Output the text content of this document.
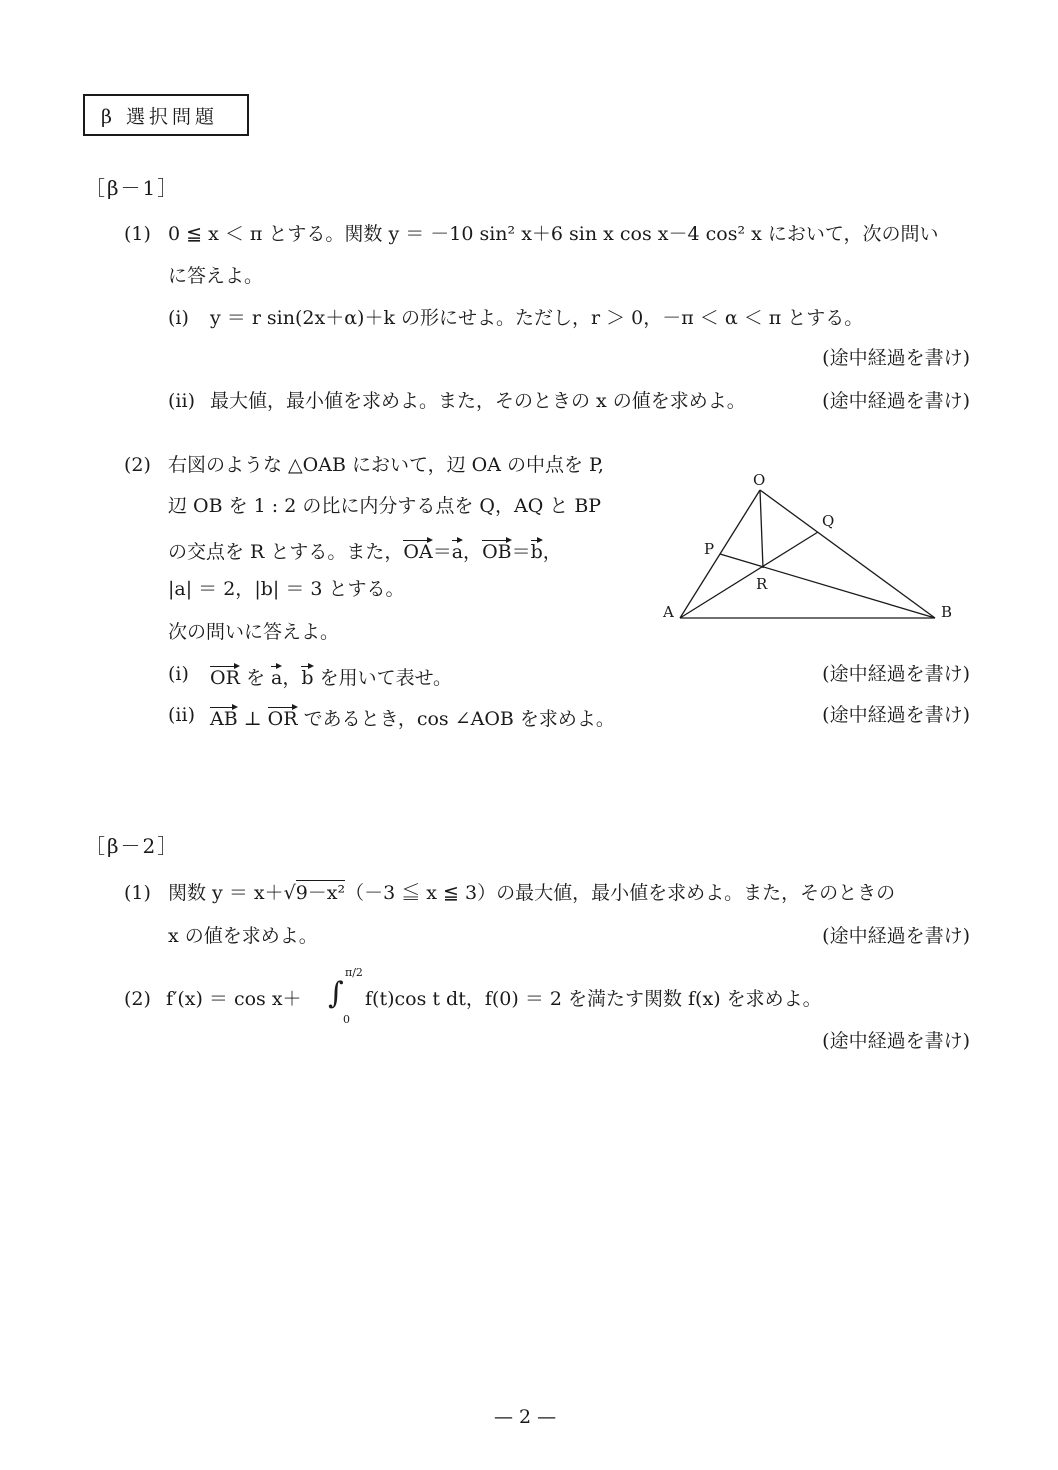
β 選択問題
［β－1］
(1) 0 ≦ x ＜ π とする。関数 y ＝ －10 sin² x＋6 sin x cos x－4 cos² x において，次の問い
に答えよ。
(i) y ＝ r sin(2x＋α)＋k の形にせよ。ただし，r ＞ 0，－π ＜ α ＜ π とする。
(途中経過を書け)
(ii) 最大値，最小値を求めよ。また，そのときの x の値を求めよ。	(途中経過を書け)
(2) 右図のような △OAB において，辺 OA の中点を P,
辺 OB を 1 : 2 の比に内分する点を Q，AQ と BP
の交点を R とする。また，OA＝a，OB＝b，
|a| ＝ 2，|b| ＝ 3 とする。
次の問いに答えよ。
(i) OR を a，b を用いて表せ。	(途中経過を書け)
(ii) AB ⊥ OR であるとき，cos ∠AOB を求めよ。	(途中経過を書け)
O
A	B
P
Q
R
［β－2］
(1) 関数 y ＝ x＋√9－x²（－3 ≦ x ≦ 3）の最大値，最小値を求めよ。また，そのときの
x の値を求めよ。	(途中経過を書け)
(2) f′(x) ＝ cos x＋ ∫
π/2
0
f(t)cos t dt，f(0) ＝ 2 を満たす関数 f(x) を求めよ。
(途中経過を書け)
— 2 —
